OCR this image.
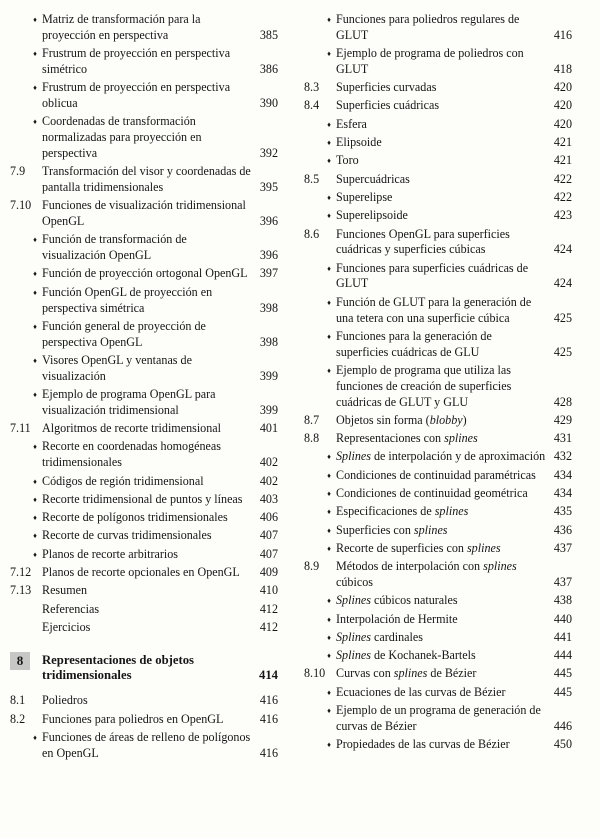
♦ Matriz de transformación para la proyección en perspectiva	385
♦ Frustrum de proyección en perspectiva simétrico	386
♦ Frustrum de proyección en perspectiva oblicua	390
♦ Coordenadas de transformación normalizadas para proyección en perspectiva	392
7.9 Transformación del visor y coordenadas de pantalla tridimensionales	395
7.10 Funciones de visualización tridimensional OpenGL	396
♦ Función de transformación de visualización OpenGL	396
♦ Función de proyección ortogonal OpenGL	397
♦ Función OpenGL de proyección en perspectiva simétrica	398
♦ Función general de proyección de perspectiva OpenGL	398
♦ Visores OpenGL y ventanas de visualización	399
♦ Ejemplo de programa OpenGL para visualización tridimensional	399
7.11 Algoritmos de recorte tridimensional	401
♦ Recorte en coordenadas homogéneas tridimensionales	402
♦ Códigos de región tridimensional	402
♦ Recorte tridimensional de puntos y líneas	403
♦ Recorte de polígonos tridimensionales	406
♦ Recorte de curvas tridimensionales	407
♦ Planos de recorte arbitrarios	407
7.12 Planos de recorte opcionales en OpenGL	409
7.13 Resumen	410
Referencias	412
Ejercicios	412
8	Representaciones de objetos tridimensionales	414
8.1 Poliedros	416
8.2 Funciones para poliedros en OpenGL	416
♦ Funciones de áreas de relleno de polígonos en OpenGL	416
♦ Funciones para poliedros regulares de GLUT	416
♦ Ejemplo de programa de poliedros con GLUT	418
8.3 Superficies curvadas	420
8.4 Superficies cuádricas	420
♦ Esfera	420
♦ Elipsoide	421
♦ Toro	421
8.5 Supercuádricas	422
♦ Superelipse	422
♦ Superelipsoide	423
8.6 Funciones OpenGL para superficies cuádricas y superficies cúbicas	424
♦ Funciones para superficies cuádricas de GLUT	424
♦ Función de GLUT para la generación de una tetera con una superficie cúbica	425
♦ Funciones para la generación de superficies cuádricas de GLU	425
♦ Ejemplo de programa que utiliza las funciones de creación de superficies cuádricas de GLUT y GLU	428
8.7 Objetos sin forma (blobby)	429
8.8 Representaciones con splines	431
♦ Splines de interpolación y de aproximación 432
♦ Condiciones de continuidad paramétricas	434
♦ Condiciones de continuidad geométrica	434
♦ Especificaciones de splines	435
♦ Superficies con splines	436
♦ Recorte de superficies con splines	437
8.9 Métodos de interpolación con splines cúbicos	437
♦ Splines cúbicos naturales	438
♦ Interpolación de Hermite	440
♦ Splines cardinales	441
♦ Splines de Kochanek-Bartels	444
8.10 Curvas con splines de Bézier	445
♦ Ecuaciones de las curvas de Bézier	445
♦ Ejemplo de un programa de generación de curvas de Bézier	446
♦ Propiedades de las curvas de Bézier	450
